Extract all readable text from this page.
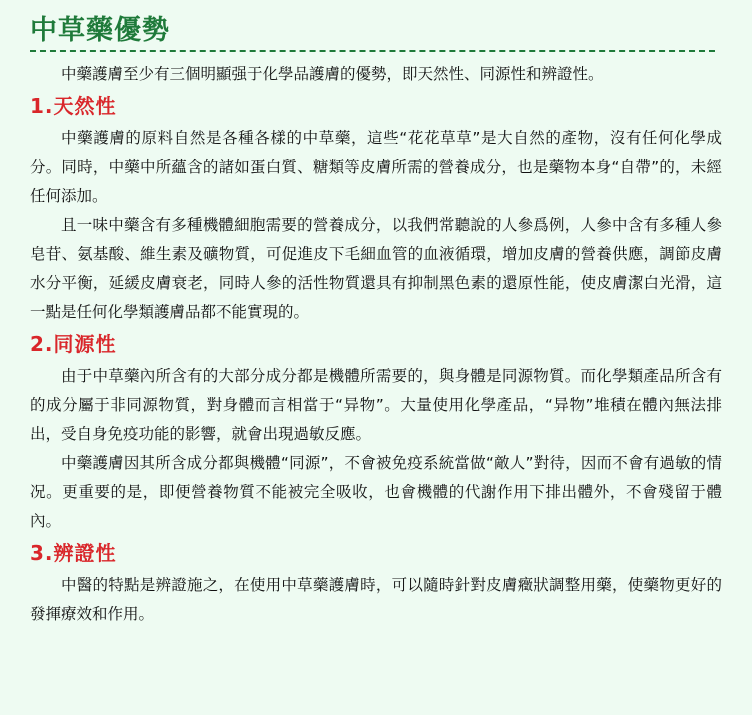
中草藥優勢

中藥護膚至少有三個明顯强于化學品護膚的優勢，即天然性、同源性和辨證性。

1.天然性

中藥護膚的原料自然是各種各樣的中草藥，這些“花花草草”是大自然的產物，沒有任何化學成分。同時，中藥中所蘊含的諸如蛋白質、糖類等皮膚所需的營養成分，也是藥物本身“自帶”的，未經任何添加。

且一味中藥含有多種機體細胞需要的營養成分，以我們常聽說的人參爲例，人參中含有多種人參皂苷、氨基酸、維生素及礦物質，可促進皮下毛細血管的血液循環，增加皮膚的營養供應，調節皮膚水分平衡，延緩皮膚衰老，同時人參的活性物質還具有抑制黑色素的還原性能，使皮膚潔白光滑，這一點是任何化學類護膚品都不能實現的。

2.同源性

由于中草藥內所含有的大部分成分都是機體所需要的，與身體是同源物質。而化學類產品所含有的成分屬于非同源物質，對身體而言相當于“异物”。大量使用化學產品，“异物”堆積在體內無法排出，受自身免疫功能的影響，就會出現過敏反應。

中藥護膚因其所含成分都與機體“同源”，不會被免疫系統當做“敵人”對待，因而不會有過敏的情况。更重要的是，即便營養物質不能被完全吸收，也會機體的代謝作用下排出體外，不會殘留于體內。

3.辨證性

中醫的特點是辨證施之，在使用中草藥護膚時，可以隨時針對皮膚癥狀調整用藥，使藥物更好的發揮療效和作用。
